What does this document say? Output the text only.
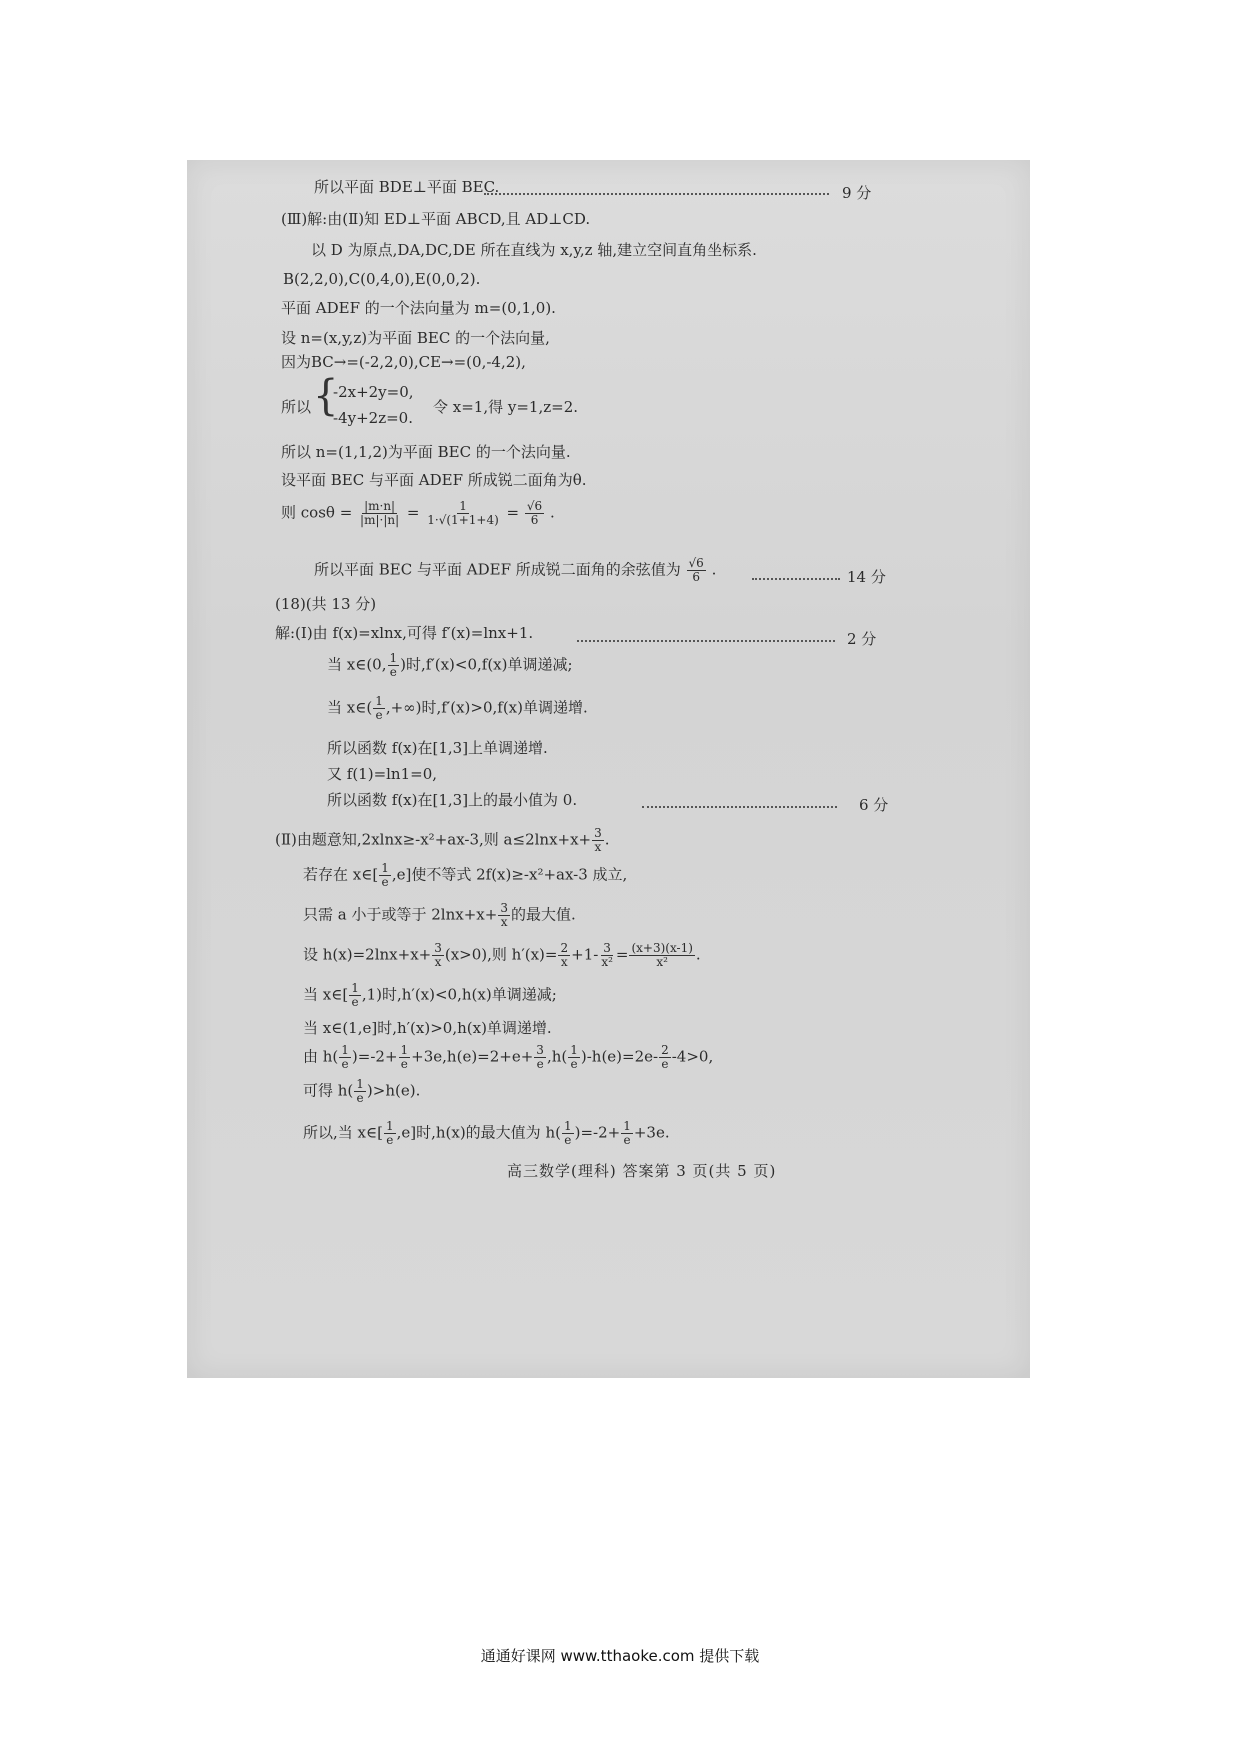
所以平面 BDE⊥平面 BEC.	9 分
(Ⅲ)解:由(Ⅱ)知 ED⊥平面 ABCD,且 AD⊥CD.
以 D 为原点,DA,DC,DE 所在直线为 x,y,z 轴,建立空间直角坐标系.
B(2,2,0),C(0,4,0),E(0,0,2).
平面 ADEF 的一个法向量为 m=(0,1,0).
设 n=(x,y,z)为平面 BEC 的一个法向量,
因为BC→=(-2,2,0),CE→=(0,-4,2),
所以 {
-2x+2y=0,
-4y+2z=0.
令 x=1,得 y=1,z=2.
所以 n=(1,1,2)为平面 BEC 的一个法向量.
设平面 BEC 与平面 ADEF 所成锐二面角为θ.
则 $\cos\theta = \frac{|m\cdot n|}{|m|\cdot|n|} = \frac{1}{1\cdot√(1+1+4)} = \frac{√6}{6}$ .
所以平面 BEC 与平面 ADEF 所成锐二面角的余弦值为 $\frac{√6}{6}$ .	14 分
(18)(共 13 分)
解:(Ⅰ)由 f(x)=xlnx,可得 f′(x)=lnx+1.	2 分
当 x∈(0, $\frac{1}{e}$ )时,f′(x)<0,f(x)单调递减;
当 x∈( $\frac{1}{e}$ ,+∞)时,f′(x)>0,f(x)单调递增.
所以函数 f(x)在[1,3]上单调递增.
又 f(1)=ln1=0,
所以函数 f(x)在[1,3]上的最小值为 0.	6 分
(Ⅱ)由题意知,2xlnx≥-x²+ax-3,则 $a\le 2\ln x+x+ \frac{3}{x}$ .
若存在 x∈[ $\frac{1}{e} ,e$]使不等式 2f(x)≥-x²+ax-3 成立,
只需 a 小于或等于 $2\ln x+x+ \frac{3}{x}$ 的最大值.
设 $h(x)=2\ln x+x+ \frac{3}{x} (x>0)$,则 $h'(x)= \frac{2}{x} +1- \frac{3}{\text{x²}} = \frac{(x+3)(x-1)}{\text{x²}}$ .
当 x∈[ $\frac{1}{e} ,1$)时,h′(x)<0,h(x)单调递减;
当 x∈(1,e]时,h′(x)>0,h(x)单调递增.
由 $h( \frac{1}{e} )=-2+ \frac{1}{e} +3e,h(e)=2+e+ \frac{3}{e} ,h( \frac{1}{e} )-h(e)=2e- \frac{2}{e} -4>0$,
可得 $h( \frac{1}{e} )>h(e)$.
所以,当 x∈[ $\frac{1}{e} ,e$]时,h(x)的最大值为 $h( \frac{1}{e} )=-2+ \frac{1}{e} +3e$.
高三数学(理科) 答案第 3 页(共 5 页)
通通好课网 www.tthaoke.com 提供下载
